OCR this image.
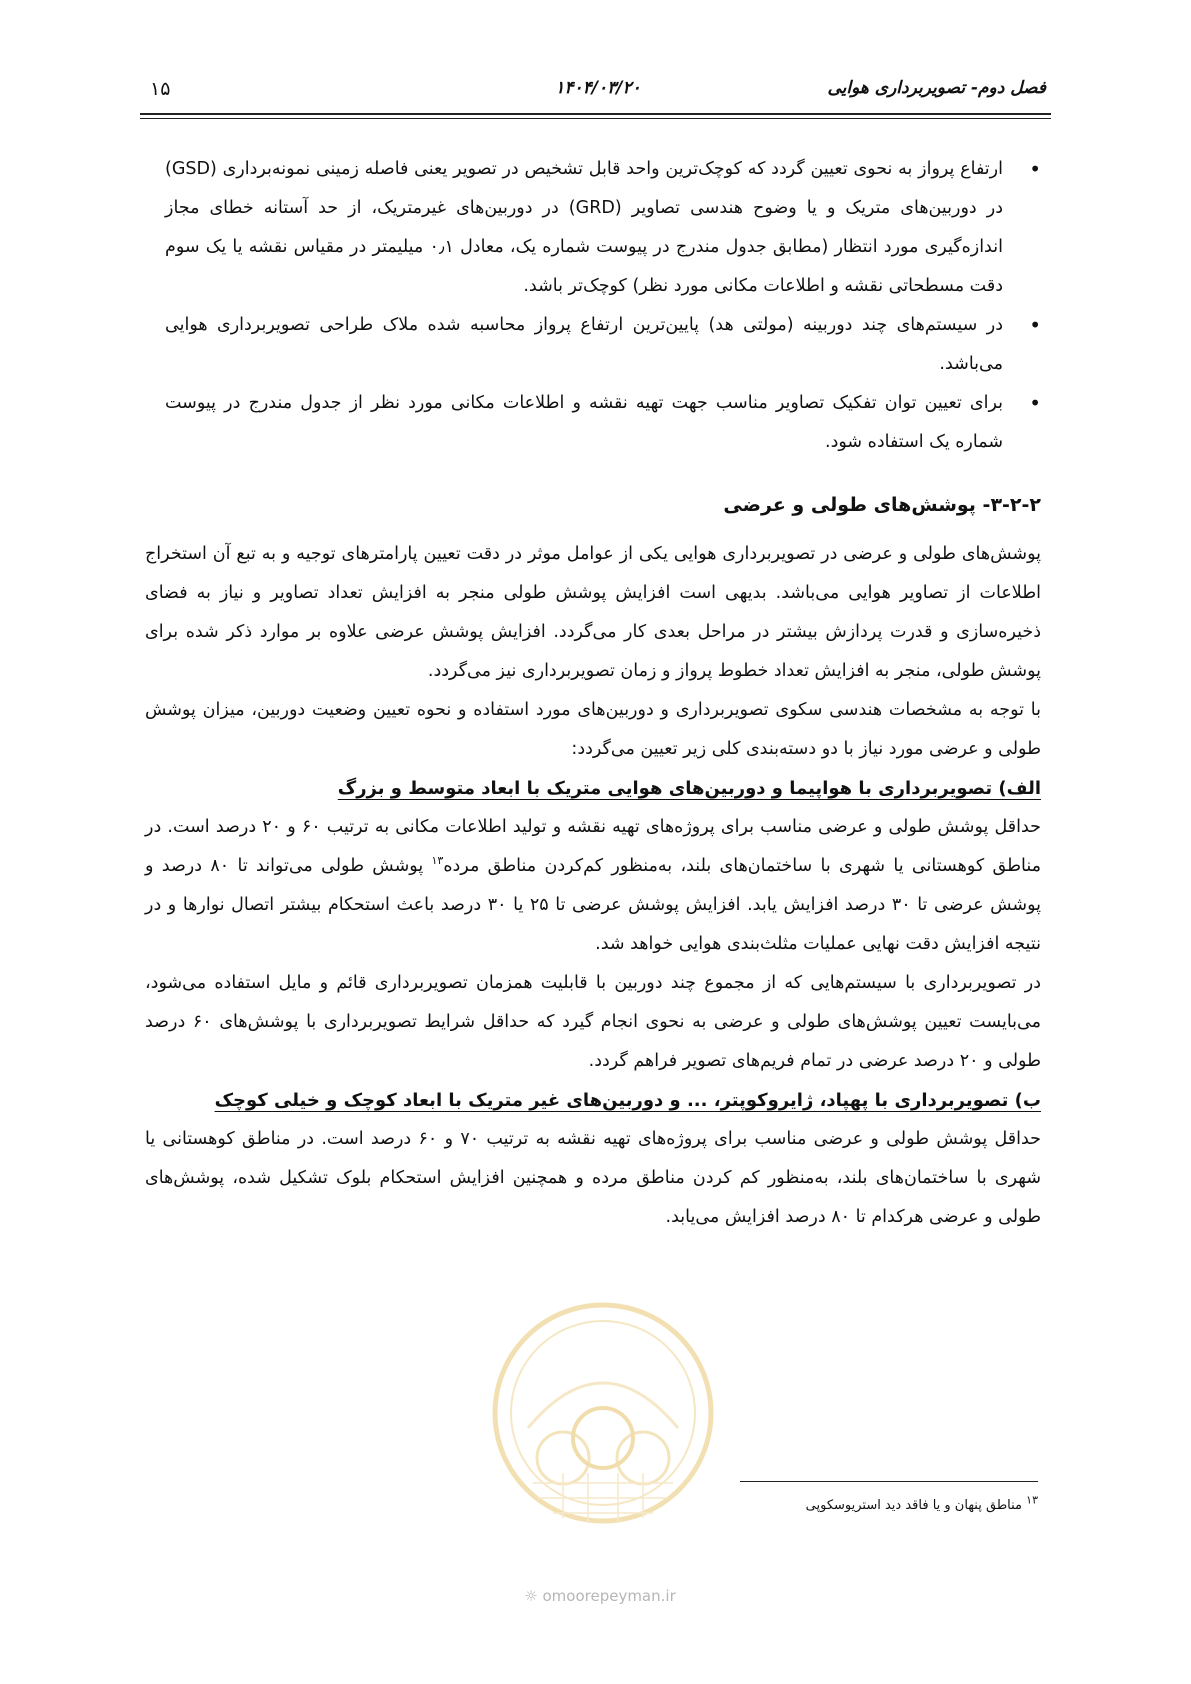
فصل دوم- تصویربرداری هوایی
۱۴۰۴/۰۳/۲۰
۱۵
• ارتفاع پرواز به نحوی تعیین گردد که کوچک‌ترین واحد قابل تشخیص در تصویر یعنی فاصله زمینی نمونه‌برداری (GSD) در دوربین‌های متریک و یا وضوح هندسی تصاویر (GRD) در دوربین‌های غیرمتریک، از حد آستانه خطای مجاز اندازه‌گیری مورد انتظار (مطابق جدول مندرج در پیوست شماره یک، معادل ۰٫۱ میلیمتر در مقیاس نقشه یا یک سوم دقت مسطحاتی نقشه و اطلاعات مکانی مورد نظر) کوچک‌تر باشد.
• در سیستم‌های چند دوربینه (مولتی هد) پایین‌ترین ارتفاع پرواز محاسبه شده ملاک طراحی تصویربرداری هوایی می‌باشد.
• برای تعیین توان تفکیک تصاویر مناسب جهت تهیه نقشه و اطلاعات مکانی مورد نظر از جدول مندرج در پیوست شماره یک استفاده شود.
۳-۲-۲- پوشش‌های طولی و عرضی

پوشش‌های طولی و عرضی در تصویربرداری هوایی یکی از عوامل موثر در دقت تعیین پارامترهای توجیه و به تبع آن استخراج اطلاعات از تصاویر هوایی می‌باشد. بدیهی است افزایش پوشش طولی منجر به افزایش تعداد تصاویر و نیاز به فضای ذخیره‌سازی و قدرت پردازش بیشتر در مراحل بعدی کار می‌گردد. افزایش پوشش عرضی علاوه بر موارد ذکر شده برای پوشش طولی، منجر به افزایش تعداد خطوط پرواز و زمان تصویربرداری نیز می‌گردد.

با توجه به مشخصات هندسی سکوی تصویربرداری و دوربین‌های مورد استفاده و نحوه تعیین وضعیت دوربین، میزان پوشش طولی و عرضی مورد نیاز با دو دسته‌بندی کلی زیر تعیین می‌گردد:

الف) تصویربرداری با هواپیما و دوربین‌های هوایی متریک با ابعاد متوسط و بزرگ

حداقل پوشش طولی و عرضی مناسب برای پروژه‌های تهیه نقشه و تولید اطلاعات مکانی به ترتیب ۶۰ و ۲۰ درصد است. در مناطق کوهستانی یا شهری با ساختمان‌های بلند، به‌منظور کم‌کردن مناطق مرده$^{۱۳}$ پوشش طولی می‌تواند تا ۸۰ درصد و پوشش عرضی تا ۳۰ درصد افزایش یابد. افزایش پوشش عرضی تا ۲۵ یا ۳۰ درصد باعث استحکام بیشتر اتصال نوارها و در نتیجه افزایش دقت نهایی عملیات مثلث‌بندی هوایی خواهد شد.

در تصویربرداری با سیستم‌هایی که از مجموع چند دوربین با قابلیت همزمان تصویربرداری قائم و مایل استفاده می‌شود، می‌بایست تعیین پوشش‌های طولی و عرضی به نحوی انجام گیرد که حداقل شرایط تصویربرداری با پوشش‌های ۶۰ درصد طولی و ۲۰ درصد عرضی در تمام فریم‌های تصویر فراهم گردد.

ب) تصویربرداری با پهپاد، ژایروکوپتر، ... و دوربین‌های غیر متریک با ابعاد کوچک و خیلی کوچک

حداقل پوشش طولی و عرضی مناسب برای پروژه‌های تهیه نقشه به ترتیب ۷۰ و ۶۰ درصد است. در مناطق کوهستانی یا شهری با ساختمان‌های بلند، به‌منظور کم کردن مناطق مرده و همچنین افزایش استحکام بلوک تشکیل شده، پوشش‌های طولی و عرضی هرکدام تا ۸۰ درصد افزایش می‌یابد.

$^{۱۳}$ مناطق پنهان و یا فاقد دید استریوسکوپی
☼ omoorepeyman.ir
